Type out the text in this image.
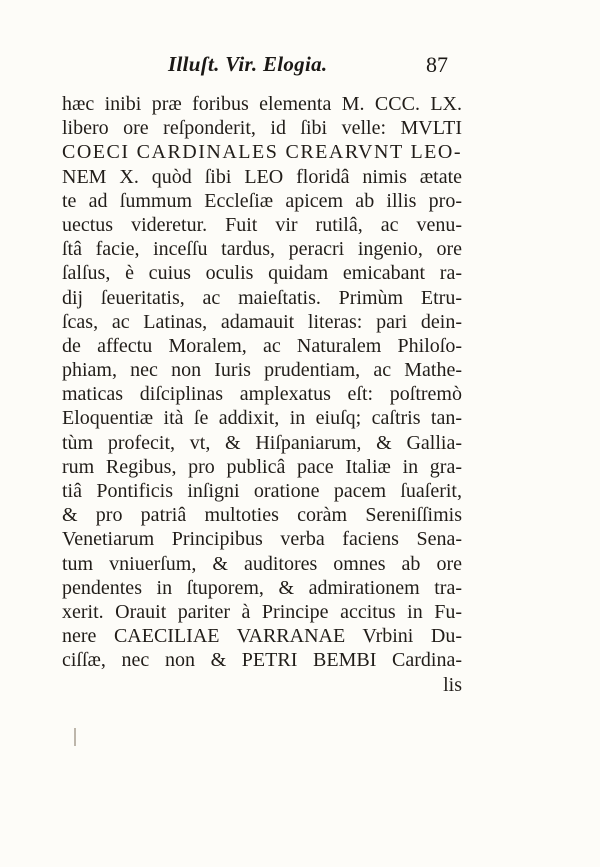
Illuſt. Vir. Elogia.	87
hæc inibi præ foribus elementa M. CCC. LX.
libero ore reſponderit, id ſibi velle: MVLTI
COECI CARDINALES CREARVNT LEO-
NEM X. quòd ſibi LEO floridâ nimis ætate
te ad ſummum Eccleſiæ apicem ab illis pro-
uectus videretur. Fuit vir rutilâ, ac venu-
ſtâ facie, inceſſu tardus, peracri ingenio, ore
ſalſus, è cuius oculis quidam emicabant ra-
dij ſeueritatis, ac maieſtatis. Primùm Etru-
ſcas, ac Latinas, adamauit literas: pari dein-
de affectu Moralem, ac Naturalem Philoſo-
phiam, nec non Iuris prudentiam, ac Mathe-
maticas diſciplinas amplexatus eſt: poſtremò
Eloquentiæ ità ſe addixit, in eiuſq; caſtris tan-
tùm profecit, vt, & Hiſpaniarum, & Gallia-
rum Regibus, pro publicâ pace Italiæ in gra-
tiâ Pontificis inſigni oratione pacem ſuaſerit,
& pro patriâ multoties coràm Sereniſſimis
Venetiarum Principibus verba faciens Sena-
tum vniuerſum, & auditores omnes ab ore
pendentes in ſtuporem, & admirationem tra-
xerit. Orauit pariter à Principe accitus in Fu-
nere CAECILIAE VARRANAE Vrbini Du-
ciſſæ, nec non & PETRI BEMBI Cardina-
lis
